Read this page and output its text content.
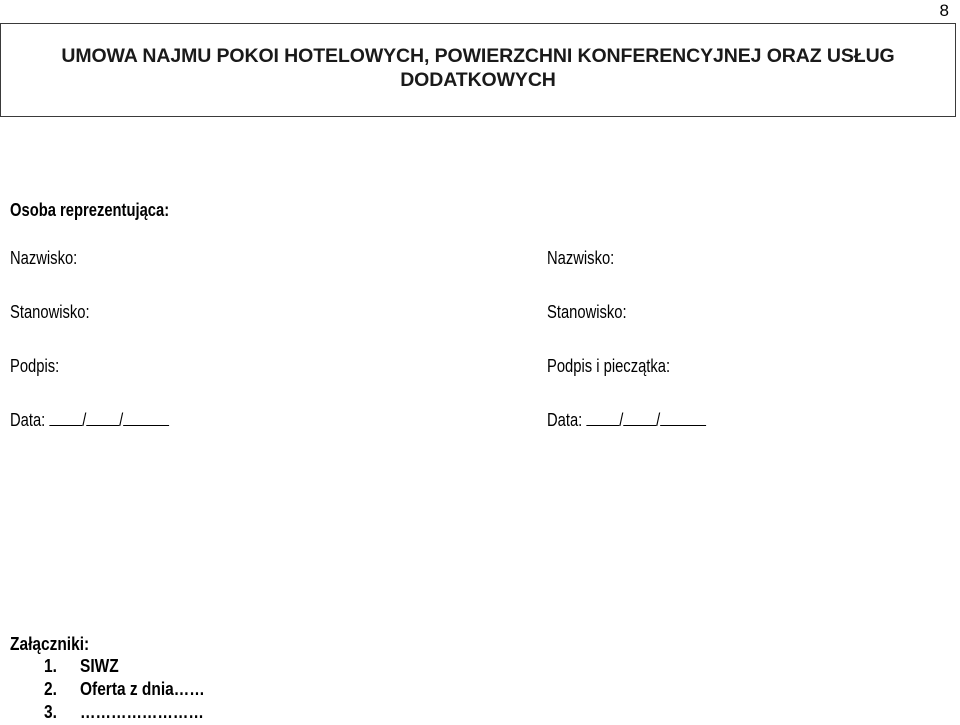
8
UMOWA NAJMU POKOI HOTELOWYCH, POWIERZCHNI KONFERENCYJNEJ ORAZ USŁUG
DODATKOWYCH
Osoba reprezentująca:
Nazwisko:
Stanowisko:
Podpis:
Data: / /
Nazwisko:
Stanowisko:
Podpis i pieczątka:
Data: / /
Załączniki:
1. SIWZ
2. Oferta z dnia……
3. ……………………
